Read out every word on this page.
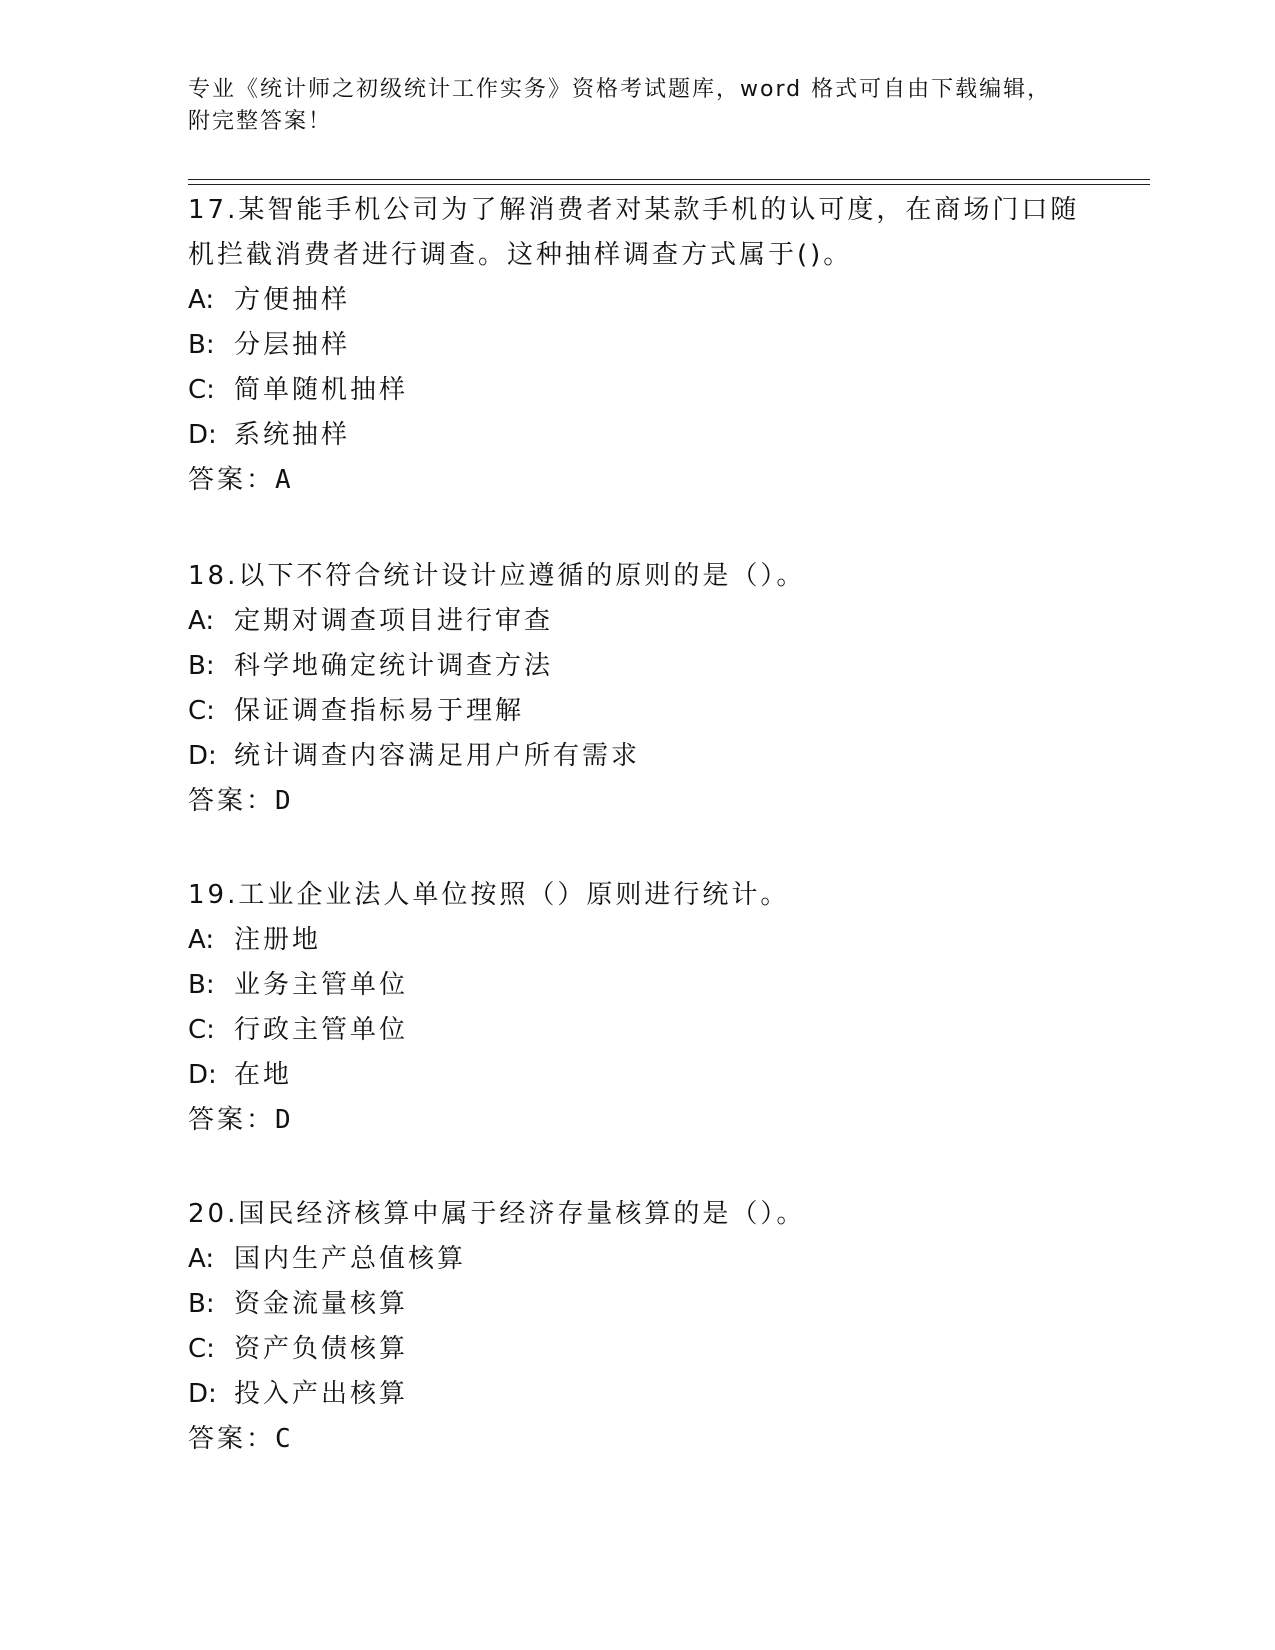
专业《统计师之初级统计工作实务》资格考试题库，word 格式可自由下载编辑，
附完整答案！

17.某智能手机公司为了解消费者对某款手机的认可度，在商场门口随

机拦截消费者进行调查。这种抽样调查方式属于()。

A: 方便抽样

B: 分层抽样

C: 简单随机抽样

D: 系统抽样

答案：A

18.以下不符合统计设计应遵循的原则的是（）。

A: 定期对调查项目进行审查

B: 科学地确定统计调查方法

C: 保证调查指标易于理解

D: 统计调查内容满足用户所有需求

答案：D

19.工业企业法人单位按照（）原则进行统计。

A: 注册地

B: 业务主管单位

C: 行政主管单位

D: 在地

答案：D

20.国民经济核算中属于经济存量核算的是（）。

A: 国内生产总值核算

B: 资金流量核算

C: 资产负债核算

D: 投入产出核算

答案：C
